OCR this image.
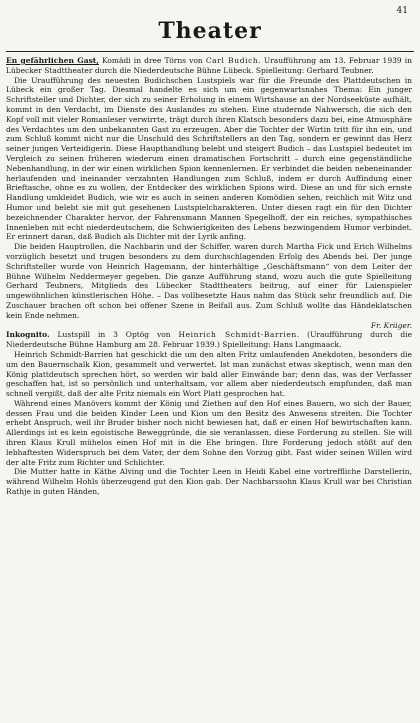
41
Theater

En gefährlichen Gast, Komädi in dree Törns von Carl Budich. Uraufführung am 13. Februar 1939 in Lübecker Stadttheater durch die Niederdeutsche Bühne Lübeck. Spielleitung: Gerhard Teubner.

Die Uraufführung des neuesten Budichschen Lustspiels war für die Freunde des Plattdeutschen in Lübeck ein großer Tag. Diesmal handelte es sich um ein gegenwartsnahes Thema: Ein junger Schriftsteller und Dichter, der sich zu seiner Erholung in einem Wirtshause an der Nordseeküste aufhält, kommt in den Verdacht, im Dienste des Auslandes zu stehen. Eine studernde Nahwersch, die sich den Kopf voll mit vieler Romanleser verwirrte, trägt durch ihren Klatsch besonders dazu bei, eine Atmosphäre des Verdachtes um den unbekannten Gast zu erzeugen. Aber die Tochter der Wirtin tritt für ihn ein, und zum Schluß kommt nicht nur die Unschuld des Schriftstellers an den Tag, sondern er gewinnt das Herz seiner jungen Verteidigerin. Diese Haupthandlung belebt und steigert Budich – das Lustspiel bedeutet im Vergleich zu seinen früheren wiederum einen dramatischen Fortschritt – durch eine gegenständliche Nebenhandlung, in der wir einen wirklichen Spion kennenlernen. Er verbindet die beiden nebeneinander herlaufenden und ineinander verzahnten Handlungen zum Schluß, indem er durch Auffindung einer Brieftasche, ohne es zu wollen, der Entdecker des wirklichen Spions wird. Diese an und für sich ernste Handlung umkleidet Budich, wie wir es auch in seinen anderen Komödien sehen, reichlich mit Witz und Humor und belebt sie mit gut gesehenen Lustspielcharakteren. Unter diesen ragt ein für den Dichter bezeichnender Charakter hervor, der Fahrensmann Mannen Spegelhoff, der ein reiches, sympathisches Innenleben mit echt niederdeutschem, die Schwierigkeiten des Lebens bezwingendem Humor verbindet. Er erinnert daran, daß Budich als Dichter mit der Lyrik anfing.

Die beiden Hauptrollen, die Nachbarin und der Schiffer, waren durch Martha Fick und Erich Wilhelms vorzüglich besetzt und trugen besonders zu dem durchschlagenden Erfolg des Abends bei. Der junge Schriftsteller wurde von Heinrich Hagemann, der hinterhältige „Geschäftsmann“ von dem Leiter der Bühne Wilhelm Neddermeyer gegeben. Die ganze Aufführung stand, wozu auch die gute Spielleitung Gerhard Teubners, Mitglieds des Lübecker Stadttheaters beitrug, auf einer für Laienspieler ungewöhnlichen künstlerischen Höhe. – Das vollbesetzte Haus nahm das Stück sehr freundlich auf. Die Zuschauer brachen oft schon bei offener Szene in Beifall aus. Zum Schluß wollte das Händeklatschen kein Ende nehmen.

Fr. Krüger.

Inkognito. Lustspill in 3 Optög von Heinrich Schmidt-Barrien. (Uraufführung durch die Niederdeutsche Bühne Hamburg am 28. Februar 1939.) Spielleitung: Hans Langmaack.

Heinrich Schmidt-Barrien hat geschickt die um den alten Fritz umlaufenden Anekdoten, besonders die um den Bauernschalk Kion, gesammelt und verwertet. Ist man zunächst etwas skeptisch, wenn man den König plattdeutsch sprechen hört, so werden wir bald aller Einwände bar; denn das, was der Verfasser geschaffen hat, ist so persönlich und unterhaltsam, vor allem aber niederdeutsch empfunden, daß man schnell vergißt, daß der alte Fritz niemals ein Wort Platt gesprochen hat.

Während eines Manövers kommt der König und Ziethen auf den Hof eines Bauern, wo sich der Bauer, dessen Frau und die beiden Kinder Leen und Kion um den Besitz des Anwesens streiten. Die Tochter erhebt Anspruch, weil ihr Bruder bisher noch nicht bewiesen hat, daß er einen Hof bewirtschaften kann. Allerdings ist es kein egoistische Beweggründe, die sie veranlassen, diese Forderung zu stellen. Sie will ihren Klaus Krull mühelos einen Hof mit in die Ehe bringen. Ihre Forderung jedoch stößt auf den lebhaftesten Widerspruch bei dem Vater, der dem Sohne den Vorzug gibt. Fast wider seinen Willen wird der alte Fritz zum Richter und Schlichter.

Die Mutter hatte in Käthe Alving und die Tochter Leen in Heidi Kabel eine vortreffliche Darstellerin, während Wilhelm Hohls überzeugend gut den Kion gab. Der Nachbarssohn Klaus Krull war bei Christian Rathje in guten Händen,
